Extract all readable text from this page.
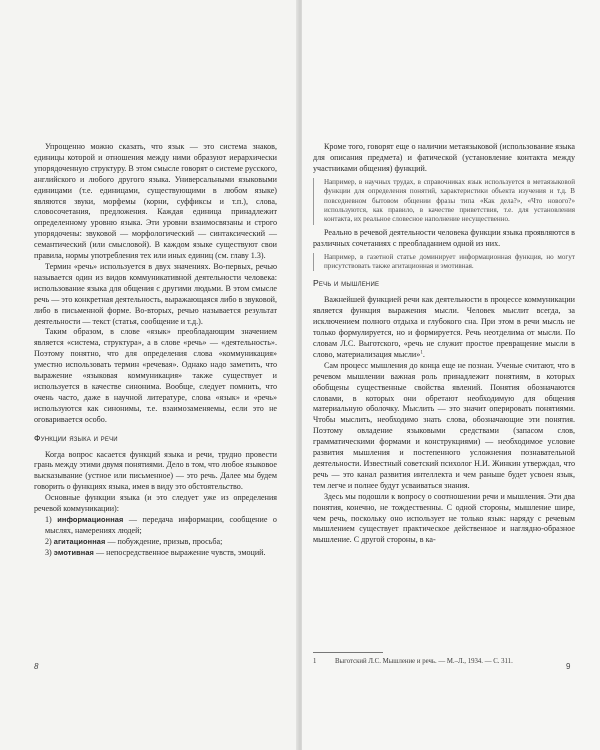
Упрощенно можно сказать, что язык — это система знаков, единицы которой и отношения между ними образуют иерархически упорядоченную структуру. В этом смысле говорят о системе русского, английского и любого другого языка. Универсальными языковыми единицами (т.е. единицами, существующими в любом языке) являются звуки, морфемы (корни, суффиксы и т.п.), слова, словосочетания, предложения. Каждая единица принадлежит определенному уровню языка. Эти уровни взаимосвязаны и строго упорядочены: звуковой — морфологический — синтаксический — семантический (или смысловой). В каждом языке существуют свои правила, нормы употребления тех или иных единиц (см. главу 1.3).

Термин «речь» используется в двух значениях. Во-первых, речью называется один из видов коммуникативной деятельности человека: использование языка для общения с другими людьми. В этом смысле речь — это конкретная деятельность, выражающаяся либо в звуковой, либо в письменной форме. Во-вторых, речью называется результат деятельности — текст (статья, сообщение и т.д.).

Таким образом, в слове «язык» преобладающим значением является «система, структура», а в слове «речь» — «деятельность». Поэтому понятно, что для определения слова «коммуникация» уместно использовать термин «речевая». Однако надо заметить, что выражение «языковая коммуникация» также существует и используется в качестве синонима. Вообще, следует помнить, что очень часто, даже в научной литературе, слова «язык» и «речь» используются как синонимы, т.е. взаимозаменяемы, если это не оговаривается особо.

Функции языка и речи

Когда вопрос касается функций языка и речи, трудно провести грань между этими двумя понятиями. Дело в том, что любое языковое высказывание (устное или письменное) — это речь. Далее мы будем говорить о функциях языка, имея в виду это обстоятельство.

Основные функции языка (и это следует уже из определения речевой коммуникации):

1) информационная — передача информации, сообщение о мыслях, намерениях людей;

2) агитационная — побуждение, призыв, просьба;

3) эмотивная — непосредственное выражение чувств, эмоций.

8

Кроме того, говорят еще о наличии метаязыковой (использование языка для описания предмета) и фатической (установление контакта между участниками общения) функций.

Например, в научных трудах, в справочниках язык используется в метаязыковой функции для определения понятий, характеристики объекта изучения и т.д. В повседневном бытовом общении фразы типа «Как дела?», «Что нового?» используются, как правило, в качестве приветствия, т.е. для установления контакта, их реальное словесное наполнение несущественно.

Реально в речевой деятельности человека функции языка проявляются в различных сочетаниях с преобладанием одной из них.

Например, в газетной статье доминирует информационная функция, но могут присутствовать также агитационная и эмотивная.
Речь и мышление

Важнейшей функцией речи как деятельности в процессе коммуникации является функция выражения мысли. Человек мыслит всегда, за исключением полного отдыха и глубокого сна. При этом в речи мысль не только формулируется, но и формируется. Речь неотделима от мысли. По словам Л.С. Выготского, «речь не служит простое превращение мысли в слово, материализация мысли»$^1$.

Сам процесс мышления до конца еще не познан. Ученые считают, что в речевом мышлении важная роль принадлежит понятиям, в которых обобщены существенные свойства явлений. Понятия обозначаются словами, в которых они обретают необходимую для общения материальную оболочку. Мыслить — это значит оперировать понятиями. Чтобы мыслить, необходимо знать слова, обозначающие эти понятия. Поэтому овладение языковыми средствами (запасом слов, грамматическими формами и конструкциями) — необходимое условие развития мышления и постепенного усложнения познавательной деятельности. Известный советский психолог Н.И. Жинкин утверждал, что речь — это канал развития интеллекта и чем раньше будет усвоен язык, тем легче и полнее будут усваиваться знания.

Здесь мы подошли к вопросу о соотношении речи и мышления. Эти два понятия, конечно, не тождественны. С одной стороны, мышление шире, чем речь, поскольку оно использует не только язык: наряду с речевым мышлением существует практическое действенное и наглядно-образное мышление. С другой стороны, в ка-

1	Выготский Л.С. Мышление и речь. — М.–Л., 1934. — С. 311.
9
